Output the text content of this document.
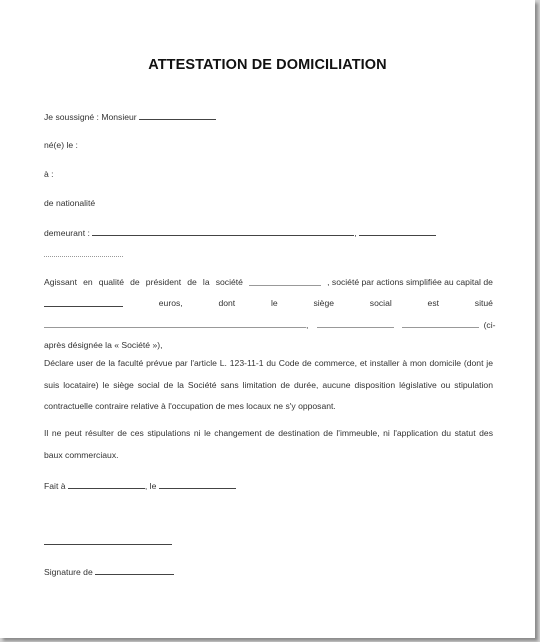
ATTESTATION DE DOMICILIATION
Je soussigné : Monsieur
né(e) le :
à :
de nationalité
demeurant :	,
Agissant en qualité de président de la société	, société par actions simplifiée au capital de
euros,	dont	le	siège	social	est	situé
,	(ci-
après désignée la « Société »),
Déclare user de la faculté prévue par l'article L. 123-11-1 du Code de commerce, et installer à mon domicile (dont je suis locataire) le siège social de la Société sans limitation de durée, aucune disposition législative ou stipulation contractuelle contraire relative à l'occupation de mes locaux ne s'y opposant.
Il ne peut résulter de ces stipulations ni le changement de destination de l'immeuble, ni l'application du statut des baux commerciaux.
Fait à	, le
Signature de
